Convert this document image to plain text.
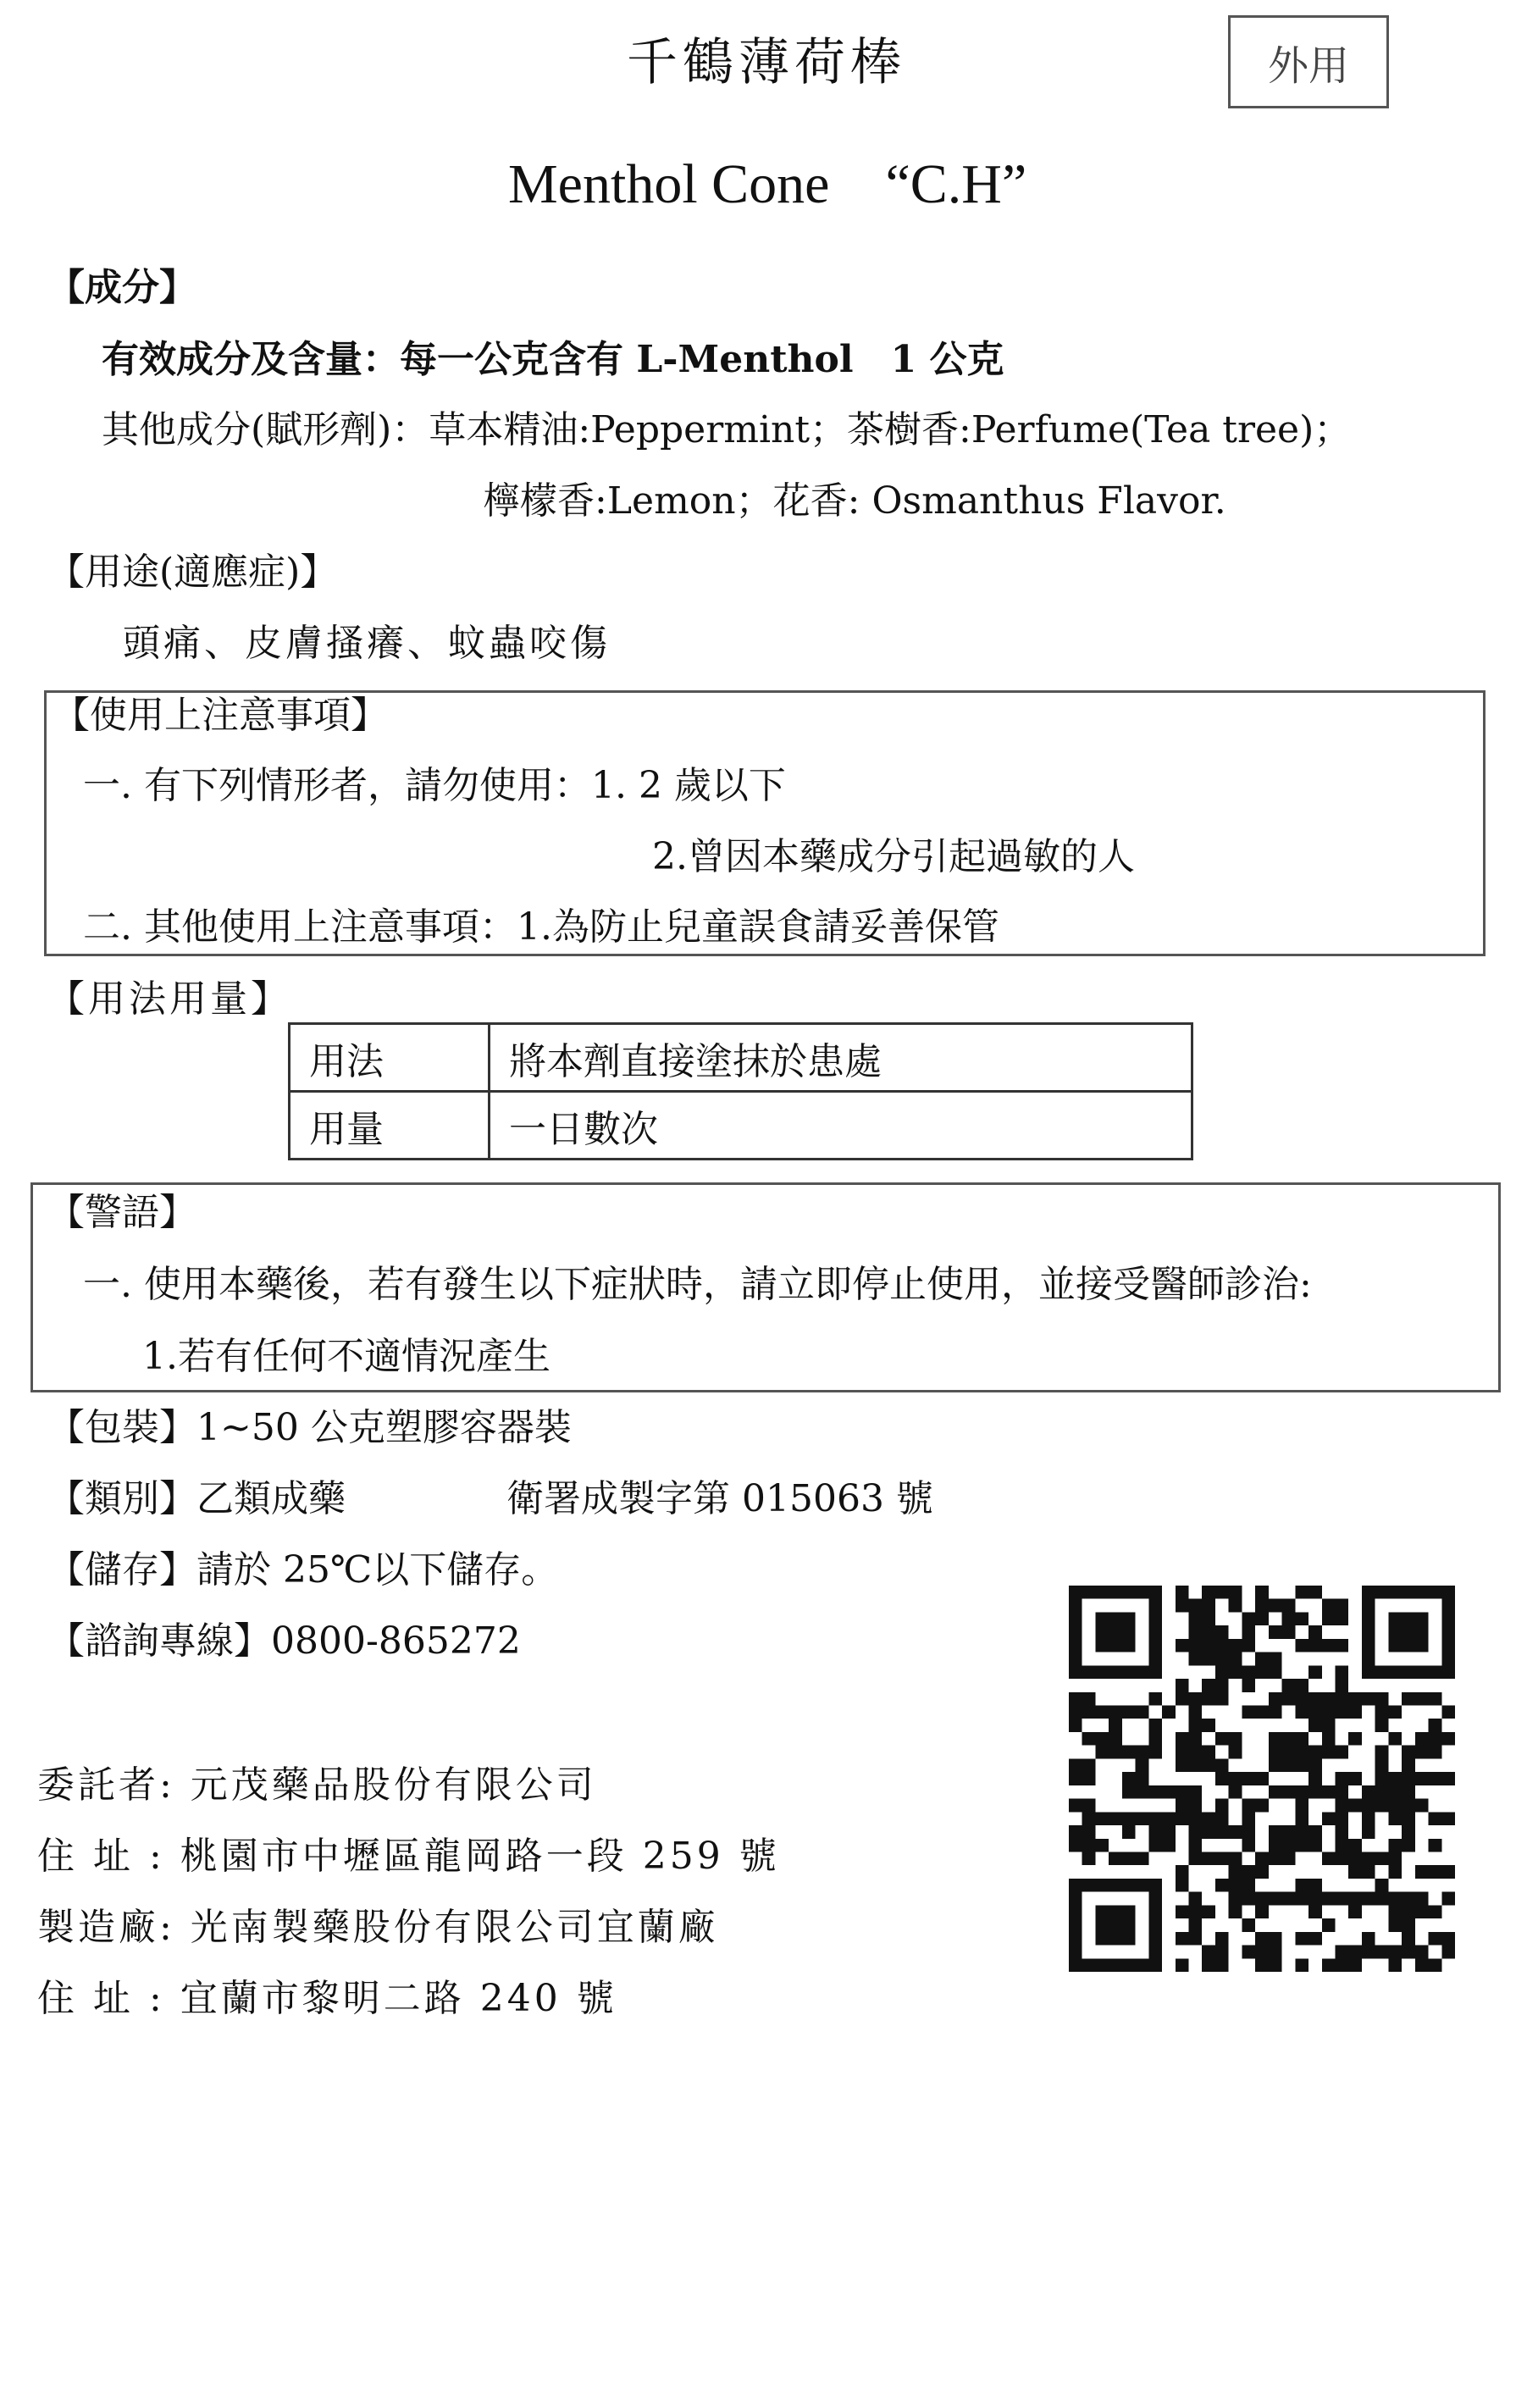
千鶴薄荷棒	外用
Menthol Cone　“C.H”
【成分】
有效成分及含量：每一公克含有 L-Menthol　1 公克
其他成分(賦形劑)：草本精油:Peppermint；茶樹香:Perfume(Tea tree)；
檸檬香:Lemon；花香: Osmanthus Flavor.
【用途(適應症)】
頭痛、皮膚搔癢、蚊蟲咬傷
【使用上注意事項】
一. 有下列情形者，請勿使用：1. 2 歲以下
2.曾因本藥成分引起過敏的人
二. 其他使用上注意事項：1.為防止兒童誤食請妥善保管
【用法用量】
用法	將本劑直接塗抹於患處
用量	一日數次
【警語】
一. 使用本藥後，若有發生以下症狀時，請立即停止使用，並接受醫師診治:
1.若有任何不適情況產生
【包裝】1~50 公克塑膠容器裝
【類別】乙類成藥	衛署成製字第 015063 號
【儲存】請於 25℃以下儲存。
【諮詢專線】0800-865272
委託者: 元茂藥品股份有限公司
住 址 : 桃園市中壢區龍岡路一段 259 號
製造廠: 光南製藥股份有限公司宜蘭廠
住 址 : 宜蘭市黎明二路 240 號
